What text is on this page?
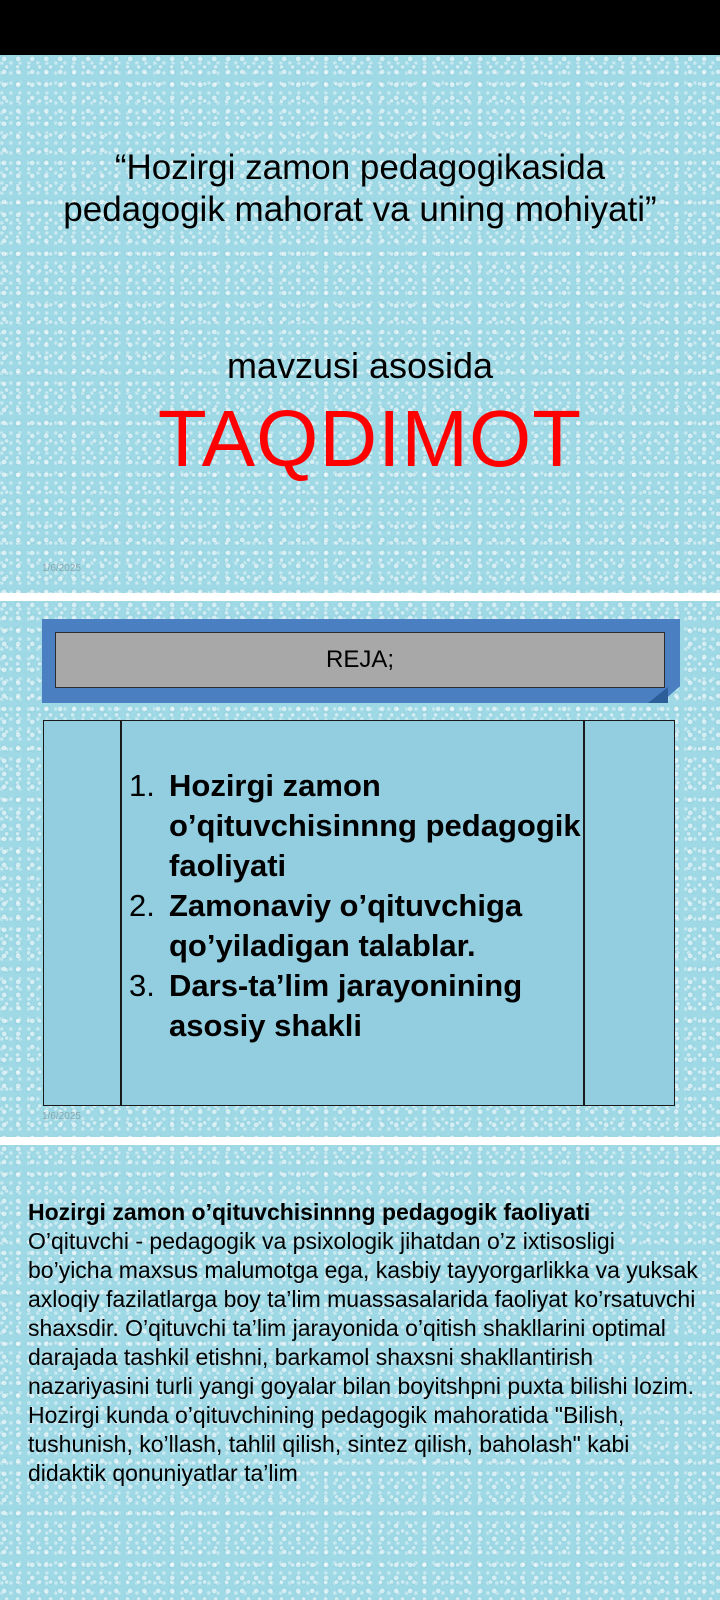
“Hozirgi zamon pedagogikasida pedagogik mahorat va uning mohiyati”

mavzusi asosida

TAQDIMOT

1/6/2025
REJA;
1. Hozirgi zamon o’qituvchisinnng pedagogik faoliyati
2. Zamonaviy o’qituvchiga qo’yiladigan talablar.
3. Dars-ta’lim jarayonining asosiy shakli
1/6/2025

Hozirgi zamon o’qituvchisinnng pedagogik faoliyati
O’qituvchi - pedagogik va psixologik jihatdan o’z ixtisosligi bo’yicha maxsus malumotga ega, kasbiy tayyorgarlikka va yuksak axloqiy fazilatlarga boy ta’lim muassasalarida faoliyat ko’rsatuvchi shaxsdir. O’qituvchi ta’lim jarayonida o’qitish shakllarini optimal darajada tashkil etishni, barkamol shaxsni shakllantirish nazariyasini turli yangi goyalar bilan boyitshpni puxta bilishi lozim. Hozirgi kunda o’qituvchining pedagogik mahoratida "Bilish, tushunish, ko’llash, tahlil qilish, sintez qilish, baholash" kabi didaktik qonuniyatlar ta’lim
